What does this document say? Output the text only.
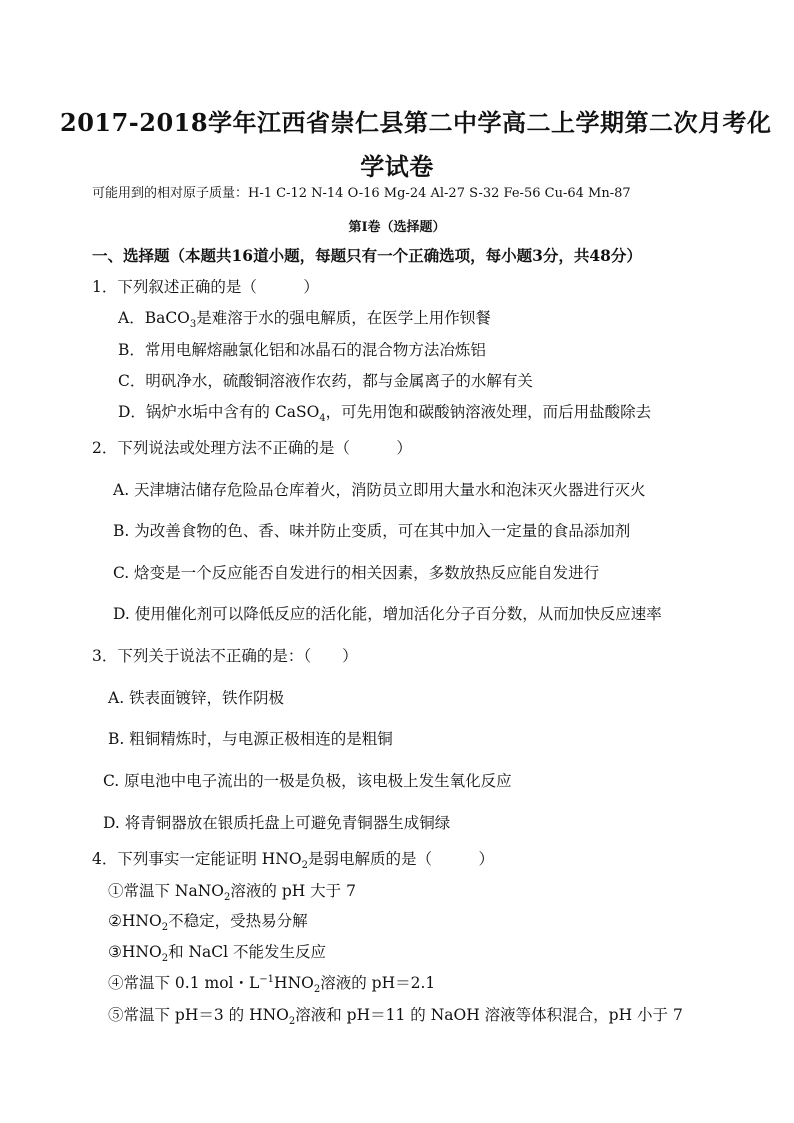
2017-2018学年江西省崇仁县第二中学高二上学期第二次月考化
学试卷
可能用到的相对原子质量：H-1 C-12 N-14 O-16 Mg-24 Al-27 S-32 Fe-56 Cu-64 Mn-87
第I卷（选择题）
一、选择题（本题共16道小题，每题只有一个正确选项，每小题3分，共48分）
1．下列叙述正确的是（　　　）
A．BaCO$_3$是难溶于水的强电解质，在医学上用作钡餐
B．常用电解熔融氯化铝和冰晶石的混合物方法冶炼铝
C．明矾净水，硫酸铜溶液作农药，都与金属离子的水解有关
D．锅炉水垢中含有的 CaSO$_4$，可先用饱和碳酸钠溶液处理，而后用盐酸除去
2．下列说法或处理方法不正确的是（　　　）
A. 天津塘沽储存危险品仓库着火，消防员立即用大量水和泡沫灭火器进行灭火
B. 为改善食物的色、香、味并防止变质，可在其中加入一定量的食品添加剂
C. 焓变是一个反应能否自发进行的相关因素，多数放热反应能自发进行
D. 使用催化剂可以降低反应的活化能，增加活化分子百分数，从而加快反应速率
3．下列关于说法不正确的是：（　　）
A. 铁表面镀锌，铁作阴极
B. 粗铜精炼时，与电源正极相连的是粗铜
C. 原电池中电子流出的一极是负极，该电极上发生氧化反应
D. 将青铜器放在银质托盘上可避免青铜器生成铜绿
4．下列事实一定能证明 $HNO_2$是弱电解质的是（　　　）
①常温下 NaNO$_2$溶液的 pH 大于 7
$②HNO_2$不稳定，受热易分解
$③HNO_2$和 NaCl 不能发生反应
④常温下 0.1 mol・$L^{-1}HNO_2$溶液的 pH＝2.1
⑤常温下 pH＝3 的 $HNO_2$溶液和 pH＝11 的 NaOH 溶液等体积混合，pH 小于 7
